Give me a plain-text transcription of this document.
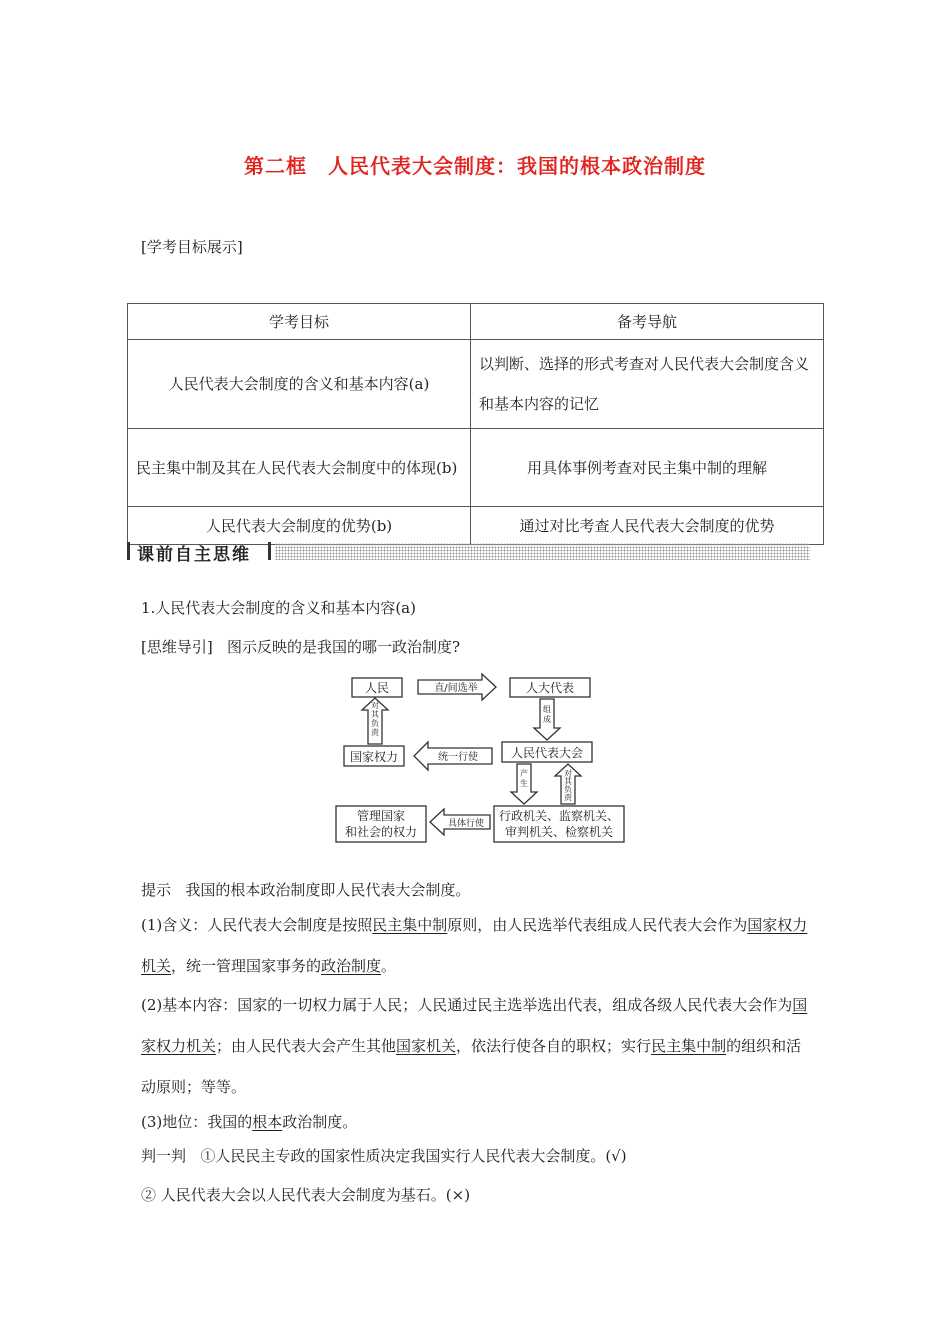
第二框　人民代表大会制度：我国的根本政治制度
[学考目标展示]
学考目标	备考导航
人民代表大会制度的含义和基本内容(a)	以判断、选择的形式考查对人民代表大会制度含义和基本内容的记忆
民主集中制及其在人民代表大会制度中的体现(b)	用具体事例考查对民主集中制的理解
人民代表大会制度的优势(b)	通过对比考查人民代表大会制度的优势
课前自主思维
1.人民代表大会制度的含义和基本内容(a)
[思维导引] 图示反映的是我国的哪一政治制度?
人民	直/间选举	人大代表
国家权力	统一行使	人民代表大会
管理国家
和社会的权力
具体行使
行政机关、监察机关、
审判机关、检察机关
对其负责
组成
产生
对其负责
提示 我国的根本政治制度即人民代表大会制度。
(1)含义：人民代表大会制度是按照民主集中制原则，由人民选举代表组成人民代表大会作为国家权力机关，统一管理国家事务的政治制度。
(2)基本内容：国家的一切权力属于人民；人民通过民主选举选出代表，组成各级人民代表大会作为国家权力机关；由人民代表大会产生其他国家机关，依法行使各自的职权；实行民主集中制的组织和活动原则；等等。
(3)地位：我国的根本政治制度。
判一判 ①人民民主专政的国家性质决定我国实行人民代表大会制度。(√)
② 人民代表大会以人民代表大会制度为基石。(×)
